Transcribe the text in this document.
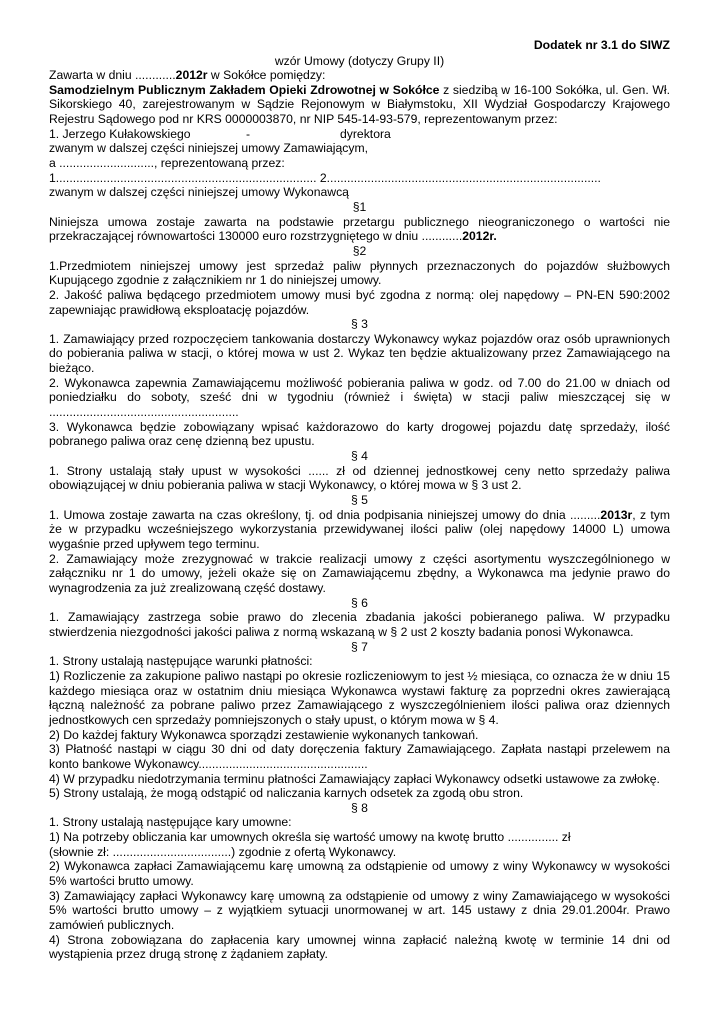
Dodatek nr 3.1 do SIWZ
wzór Umowy (dotyczy Grupy II)

Zawarta w dniu ............2012r w Sokółce pomiędzy:

Samodzielnym Publicznym Zakładem Opieki Zdrowotnej w Sokółce z siedzibą w 16-100 Sokółka, ul. Gen. Wł. Sikorskiego 40, zarejestrowanym w Sądzie Rejonowym w Białymstoku, XII Wydział Gospodarczy Krajowego Rejestru Sądowego pod nr KRS 0000003870, nr NIP 545-14-93-579, reprezentowanym przez:

1. Jerzego Kułakowskiego	-	dyrektora

zwanym w dalszej części niniejszej umowy Zamawiającym,

a ............................, reprezentowaną przez:

1............................................................................. 2.................................................................................

zwanym w dalszej części niniejszej umowy Wykonawcą

§1

Niniejsza umowa zostaje zawarta na podstawie przetargu publicznego nieograniczonego o wartości nie przekraczającej równowartości 130000 euro rozstrzygniętego w dniu ............2012r.

§2

1.Przedmiotem niniejszej umowy jest sprzedaż paliw płynnych przeznaczonych do pojazdów służbowych Kupującego zgodnie z załącznikiem nr 1 do niniejszej umowy.

2. Jakość paliwa będącego przedmiotem umowy musi być zgodna z normą: olej napędowy – PN-EN 590:2002 zapewniając prawidłową eksploatację pojazdów.

§ 3

1. Zamawiający przed rozpoczęciem tankowania dostarczy Wykonawcy wykaz pojazdów oraz osób uprawnionych do pobierania paliwa w stacji, o której mowa w ust 2. Wykaz ten będzie aktualizowany przez Zamawiającego na bieżąco.

2. Wykonawca zapewnia Zamawiającemu możliwość pobierania paliwa w godz. od 7.00 do 21.00 w dniach od poniedziałku do soboty, sześć dni w tygodniu (również i święta) w stacji paliw mieszczącej się w ........................................................

3. Wykonawca będzie zobowiązany wpisać każdorazowo do karty drogowej pojazdu datę sprzedaży, ilość pobranego paliwa oraz cenę dzienną bez upustu.

§ 4

1. Strony ustalają stały upust w wysokości ...... zł od dziennej jednostkowej ceny netto sprzedaży paliwa obowiązującej w dniu pobierania paliwa w stacji Wykonawcy, o której mowa w § 3 ust 2.

§ 5

1. Umowa zostaje zawarta na czas określony, tj. od dnia podpisania niniejszej umowy do dnia .........2013r, z tym że w przypadku wcześniejszego wykorzystania przewidywanej ilości paliw (olej napędowy 14000 L) umowa wygaśnie przed upływem tego terminu.

2. Zamawiający może zrezygnować w trakcie realizacji umowy z części asortymentu wyszczególnionego w załączniku nr 1 do umowy, jeżeli okaże się on Zamawiającemu zbędny, a Wykonawca ma jedynie prawo do wynagrodzenia za już zrealizowaną część dostawy.

§ 6

1. Zamawiający zastrzega sobie prawo do zlecenia zbadania jakości pobieranego paliwa. W przypadku stwierdzenia niezgodności jakości paliwa z normą wskazaną w § 2 ust 2 koszty badania ponosi Wykonawca.

§ 7

1. Strony ustalają następujące warunki płatności:

1) Rozliczenie za zakupione paliwo nastąpi po okresie rozliczeniowym to jest ½ miesiąca, co oznacza że w dniu 15 każdego miesiąca oraz w ostatnim dniu miesiąca Wykonawca wystawi fakturę za poprzedni okres zawierającą łączną należność za pobrane paliwo przez Zamawiającego z wyszczególnieniem ilości paliwa oraz dziennych jednostkowych cen sprzedaży pomniejszonych o stały upust, o którym mowa w § 4.

2) Do każdej faktury Wykonawca sporządzi zestawienie wykonanych tankowań.

3) Płatność nastąpi w ciągu 30 dni od daty doręczenia faktury Zamawiającego. Zapłata nastąpi przelewem na konto bankowe Wykonawcy..................................................

4) W przypadku niedotrzymania terminu płatności Zamawiający zapłaci Wykonawcy odsetki ustawowe za zwłokę.

5) Strony ustalają, że mogą odstąpić od naliczania karnych odsetek za zgodą obu stron.

§ 8

1. Strony ustalają następujące kary umowne:

1) Na potrzeby obliczania kar umownych określa się wartość umowy na kwotę brutto ............... zł

(słownie zł: ...................................) zgodnie z ofertą Wykonawcy.

2) Wykonawca zapłaci Zamawiającemu karę umowną za odstąpienie od umowy z winy Wykonawcy w wysokości 5% wartości brutto umowy.

3) Zamawiający zapłaci Wykonawcy karę umowną za odstąpienie od umowy z winy Zamawiającego w wysokości 5% wartości brutto umowy – z wyjątkiem sytuacji unormowanej w art. 145 ustawy z dnia 29.01.2004r. Prawo zamówień publicznych.

4) Strona zobowiązana do zapłacenia kary umownej winna zapłacić należną kwotę w terminie 14 dni od wystąpienia przez drugą stronę z żądaniem zapłaty.
